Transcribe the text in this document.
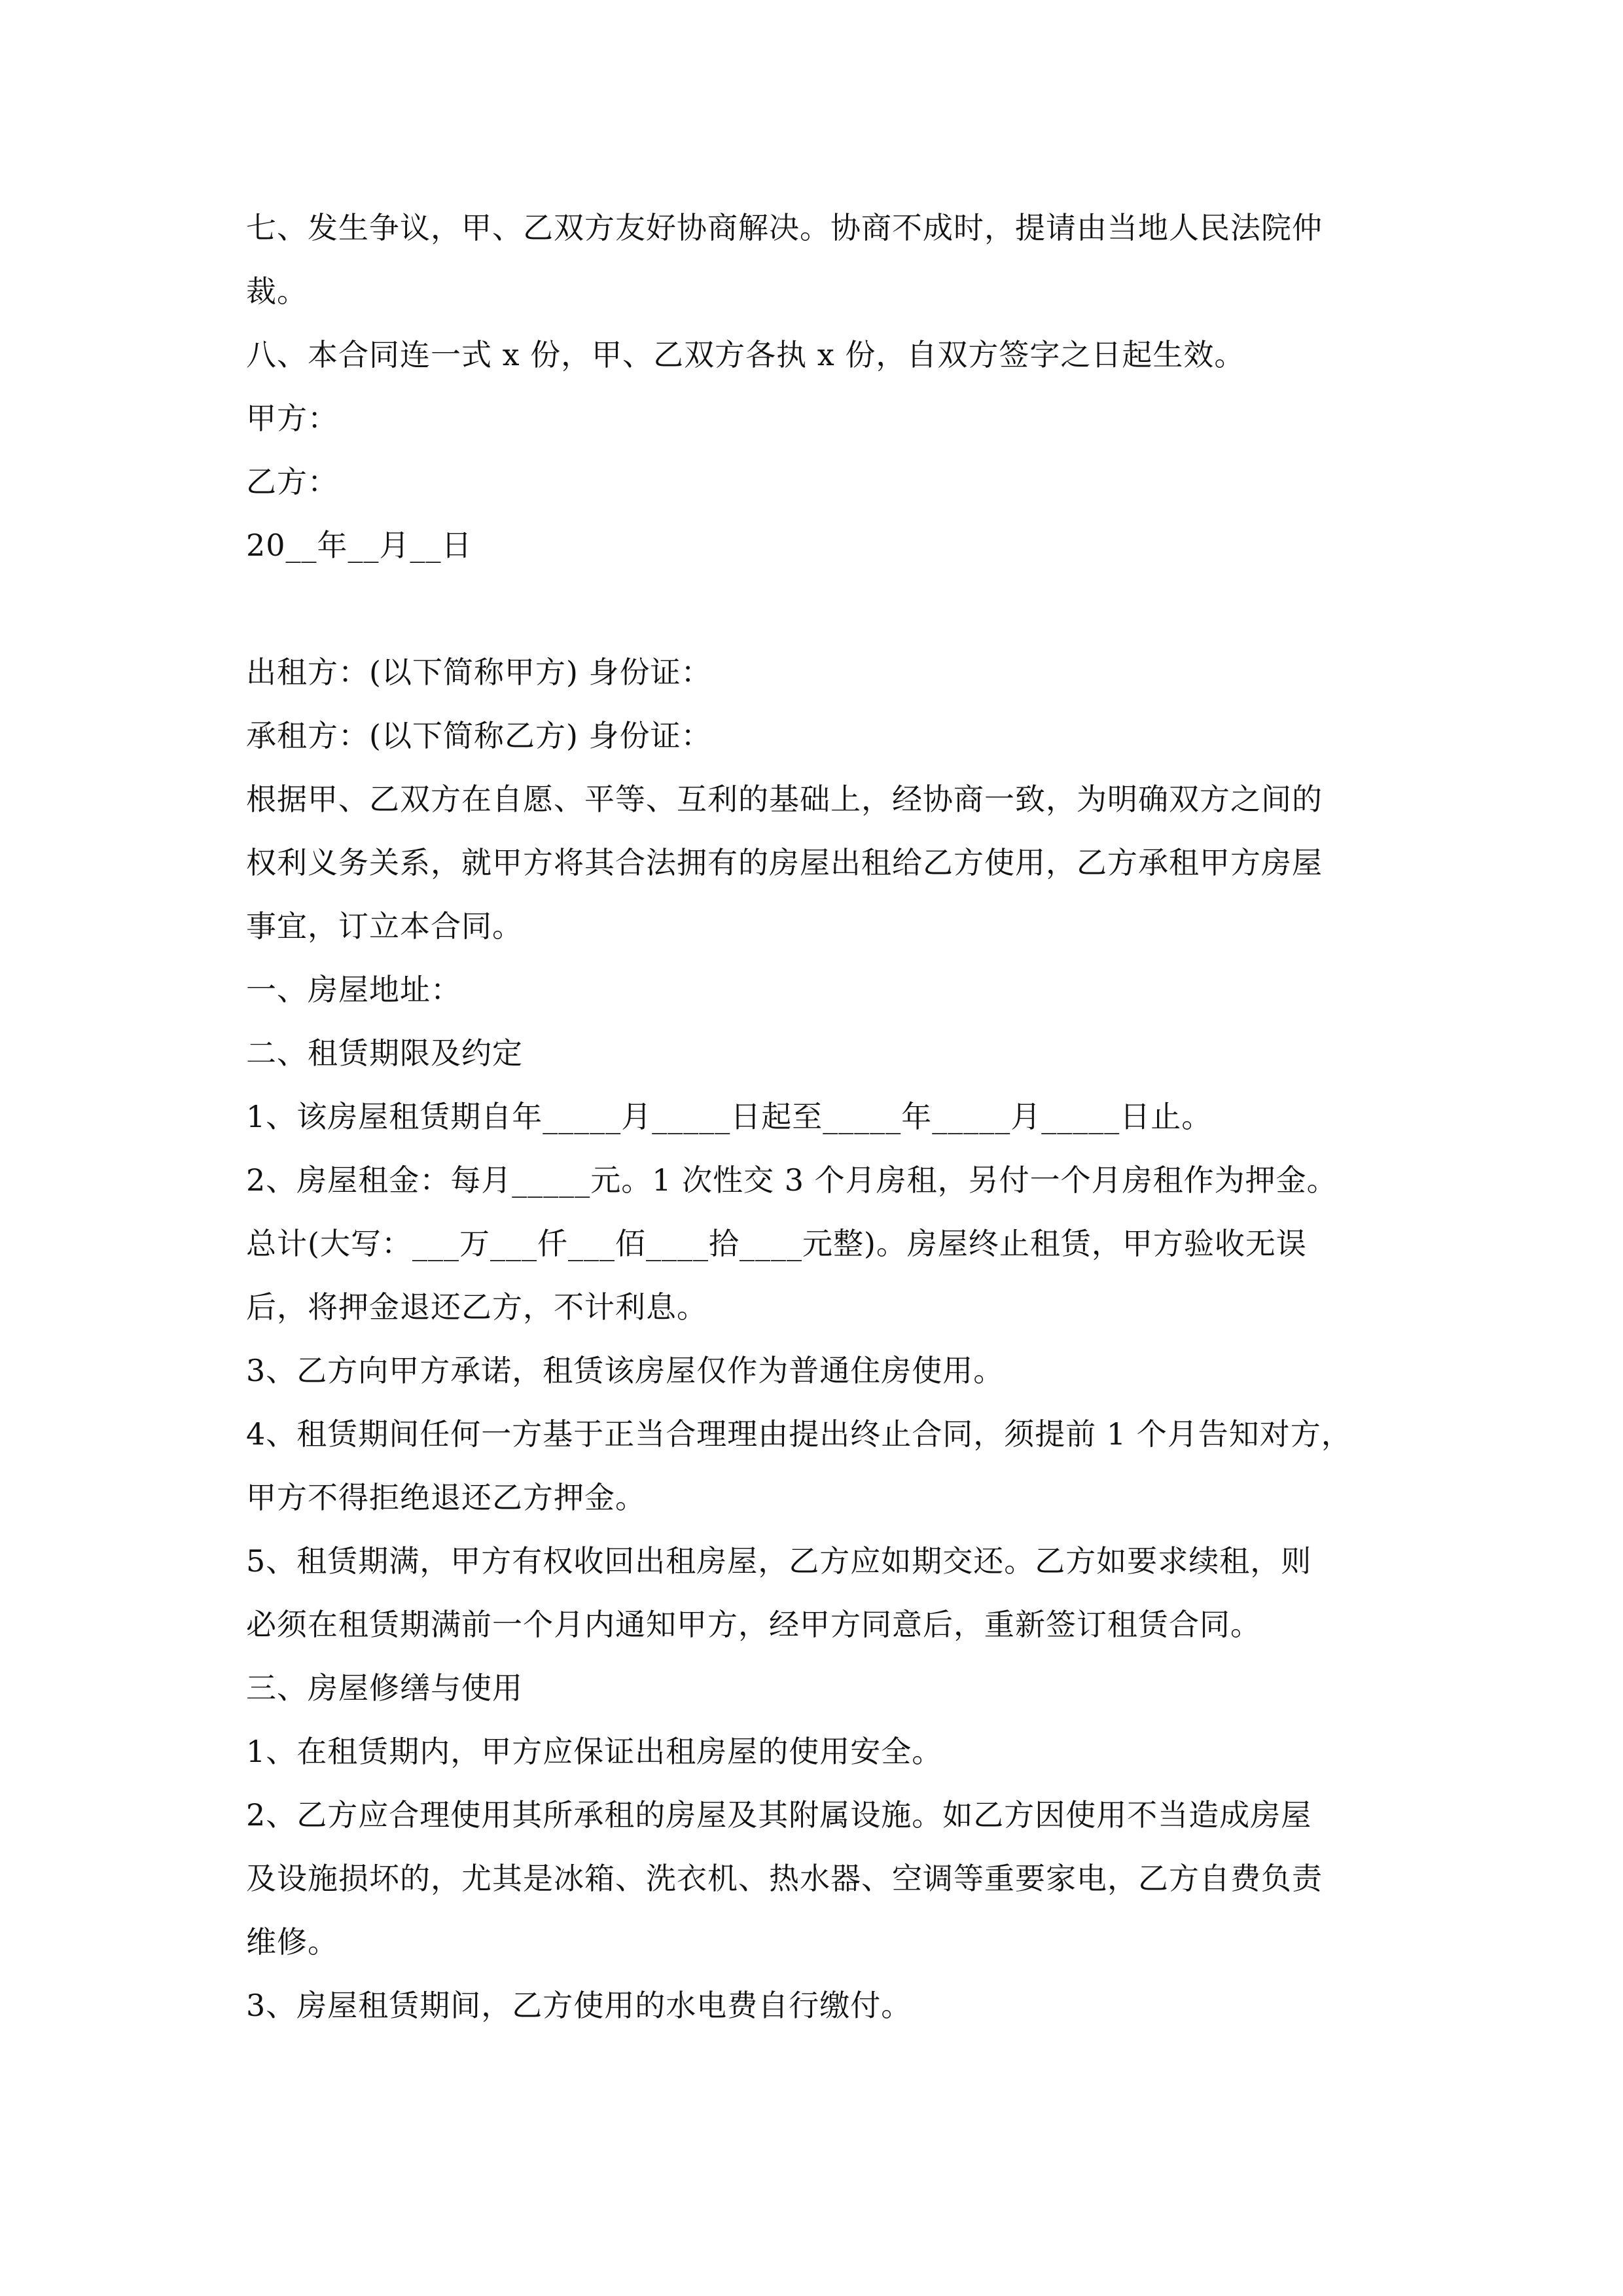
七、发生争议，甲、乙双方友好协商解决。协商不成时，提请由当地人民法院仲
裁。
八、本合同连一式 x 份，甲、乙双方各执 x 份，自双方签字之日起生效。
甲方：
乙方：
20__年__月__日
出租方：(以下简称甲方) 身份证：
承租方：(以下简称乙方) 身份证：
根据甲、乙双方在自愿、平等、互利的基础上，经协商一致，为明确双方之间的
权利义务关系，就甲方将其合法拥有的房屋出租给乙方使用，乙方承租甲方房屋
事宜，订立本合同。
一、房屋地址：
二、租赁期限及约定
1、该房屋租赁期自年_____月_____日起至_____年_____月_____日止。
2、房屋租金：每月_____元。1 次性交 3 个月房租，另付一个月房租作为押金。
总计(大写：___万___仟___佰____拾____元整)。房屋终止租赁，甲方验收无误
后，将押金退还乙方，不计利息。
3、乙方向甲方承诺，租赁该房屋仅作为普通住房使用。
4、租赁期间任何一方基于正当合理理由提出终止合同，须提前 1 个月告知对方，
甲方不得拒绝退还乙方押金。
5、租赁期满，甲方有权收回出租房屋，乙方应如期交还。乙方如要求续租，则
必须在租赁期满前一个月内通知甲方，经甲方同意后，重新签订租赁合同。
三、房屋修缮与使用
1、在租赁期内，甲方应保证出租房屋的使用安全。
2、乙方应合理使用其所承租的房屋及其附属设施。如乙方因使用不当造成房屋
及设施损坏的，尤其是冰箱、洗衣机、热水器、空调等重要家电，乙方自费负责
维修。
3、房屋租赁期间，乙方使用的水电费自行缴付。
